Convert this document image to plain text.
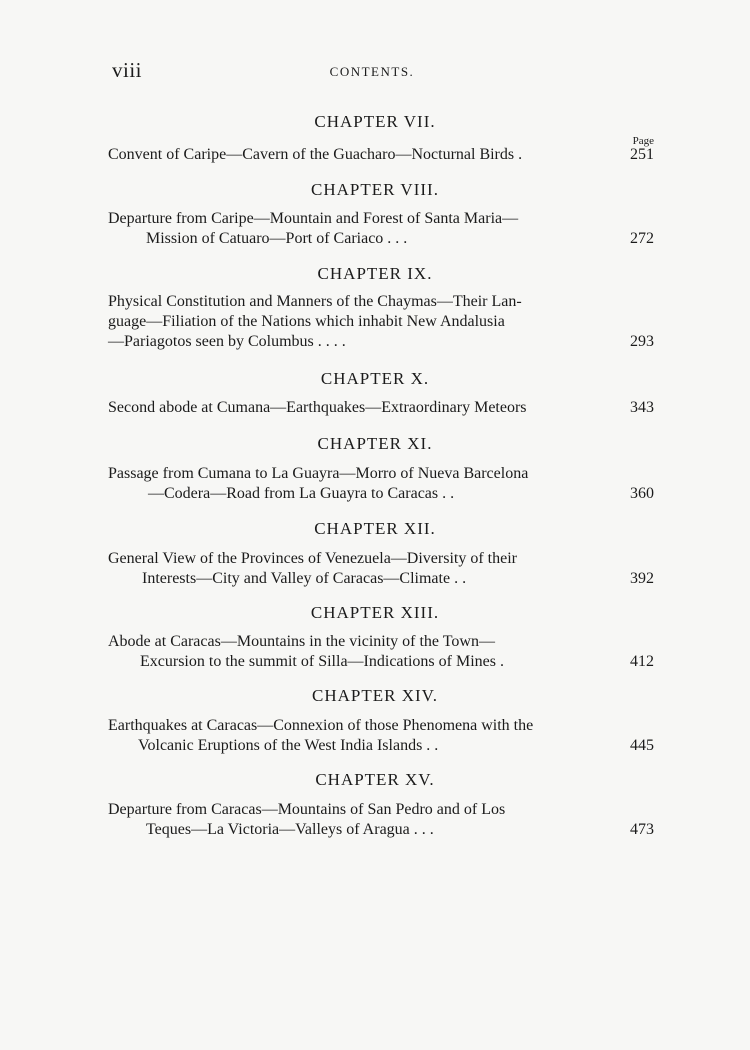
viii	CONTENTS.
CHAPTER VII.
Convent of Caripe—Cavern of the Guacharo—Nocturnal Birds .	251
Page
CHAPTER VIII.
Departure from Caripe—Mountain and Forest of Santa Maria—
Mission of Catuaro—Port of Cariaco . . .	272
CHAPTER IX.
Physical Constitution and Manners of the Chaymas—Their Lan-
guage—Filiation of the Nations which inhabit New Andalusia
—Pariagotos seen by Columbus . . . .	293
CHAPTER X.
Second abode at Cumana—Earthquakes—Extraordinary Meteors	343
CHAPTER XI.
Passage from Cumana to La Guayra—Morro of Nueva Barcelona
—Codera—Road from La Guayra to Caracas . .	360
CHAPTER XII.
General View of the Provinces of Venezuela—Diversity of their
Interests—City and Valley of Caracas—Climate . .	392
CHAPTER XIII.
Abode at Caracas—Mountains in the vicinity of the Town—
Excursion to the summit of Silla—Indications of Mines .	412
CHAPTER XIV.
Earthquakes at Caracas—Connexion of those Phenomena with the
Volcanic Eruptions of the West India Islands . .	445
CHAPTER XV.
Departure from Caracas—Mountains of San Pedro and of Los
Teques—La Victoria—Valleys of Aragua . . .	473
